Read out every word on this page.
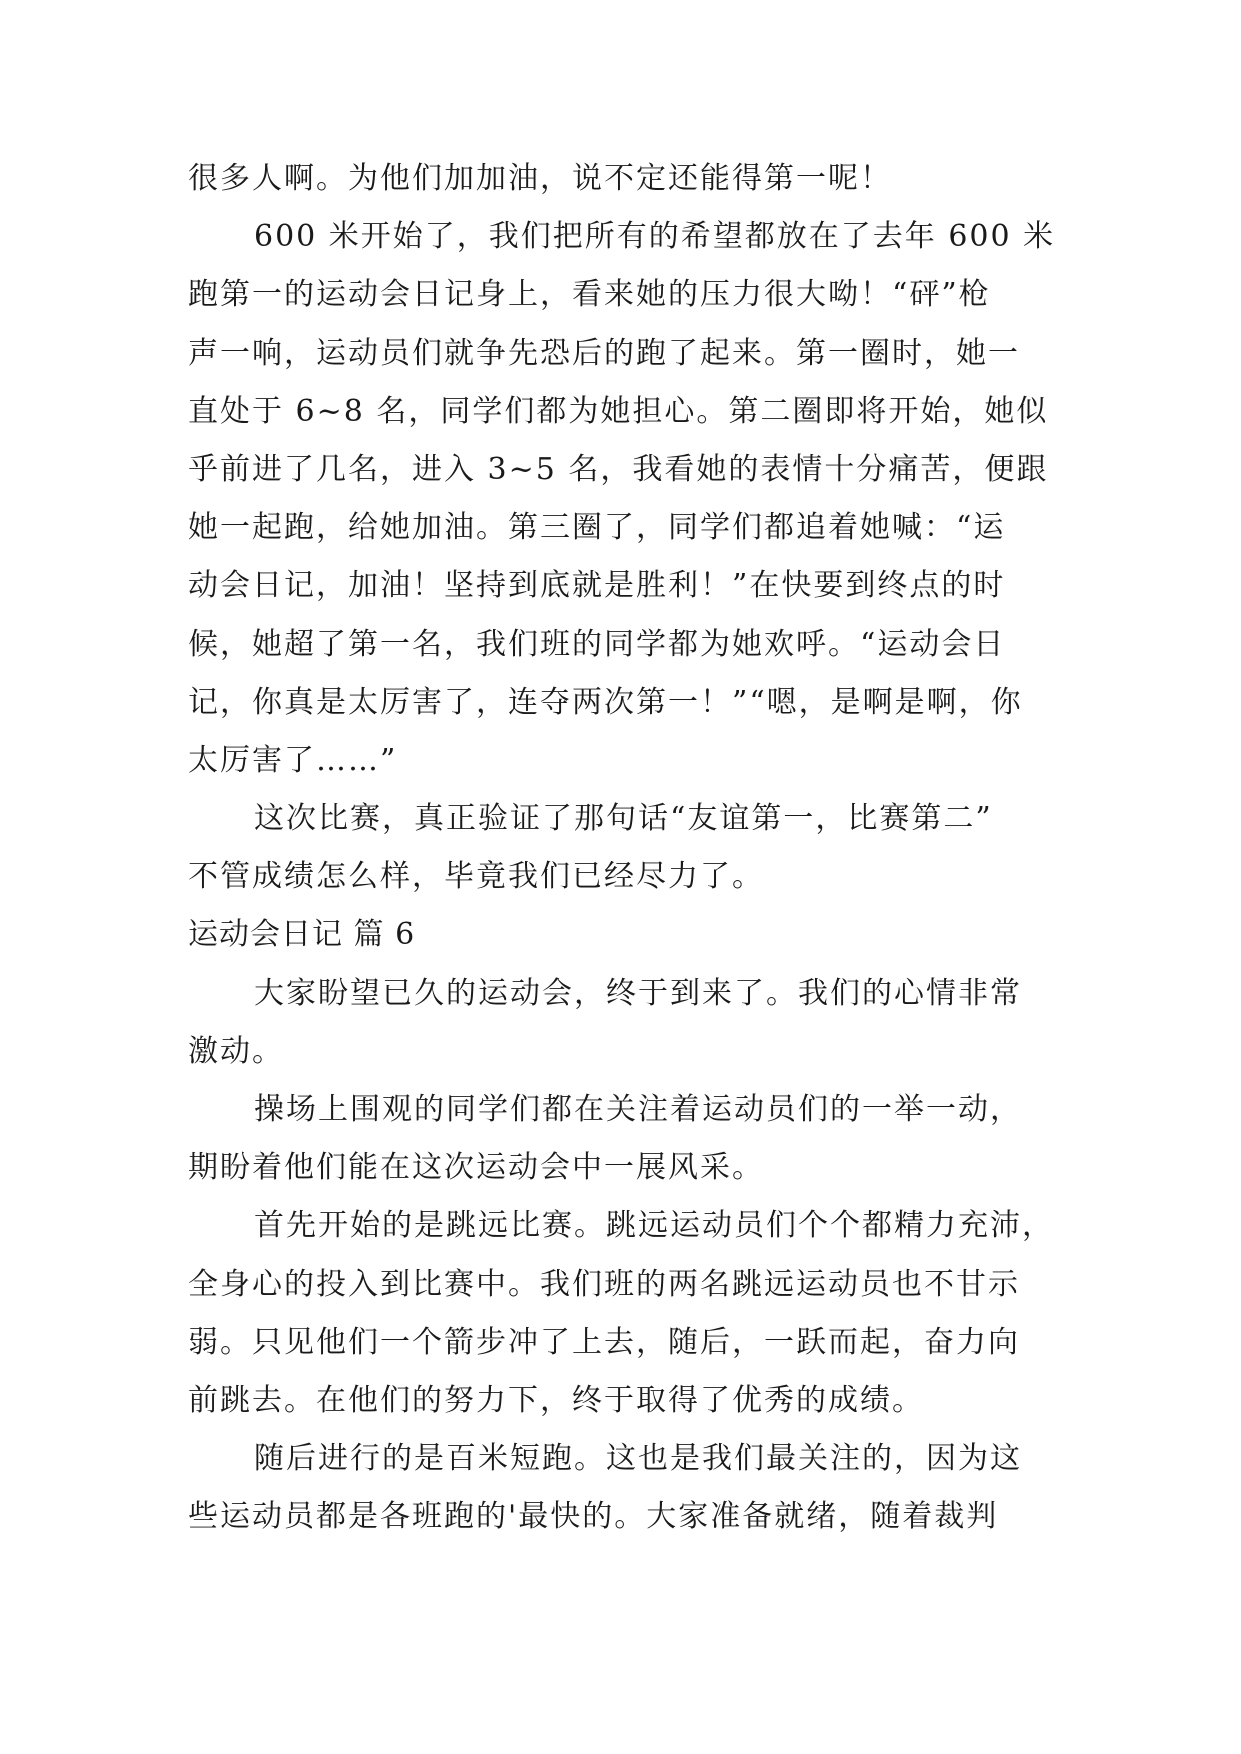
很多人啊。为他们加加油，说不定还能得第一呢！
600 米开始了，我们把所有的希望都放在了去年 600 米
跑第一的运动会日记身上，看来她的压力很大呦！“砰”枪
声一响，运动员们就争先恐后的跑了起来。第一圈时，她一
直处于 6~8 名，同学们都为她担心。第二圈即将开始，她似
乎前进了几名，进入 3~5 名，我看她的表情十分痛苦，便跟
她一起跑，给她加油。第三圈了，同学们都追着她喊：“运
动会日记，加油！坚持到底就是胜利！”在快要到终点的时
候，她超了第一名，我们班的同学都为她欢呼。“运动会日
记，你真是太厉害了，连夺两次第一！”“嗯，是啊是啊，你
太厉害了……”
这次比赛，真正验证了那句话“友谊第一，比赛第二”
不管成绩怎么样，毕竟我们已经尽力了。
运动会日记 篇 6
大家盼望已久的运动会，终于到来了。我们的心情非常
激动。
操场上围观的同学们都在关注着运动员们的一举一动，
期盼着他们能在这次运动会中一展风采。
首先开始的是跳远比赛。跳远运动员们个个都精力充沛，
全身心的投入到比赛中。我们班的两名跳远运动员也不甘示
弱。只见他们一个箭步冲了上去，随后，一跃而起，奋力向
前跳去。在他们的努力下，终于取得了优秀的成绩。
随后进行的是百米短跑。这也是我们最关注的，因为这
些运动员都是各班跑的'最快的。大家准备就绪，随着裁判
